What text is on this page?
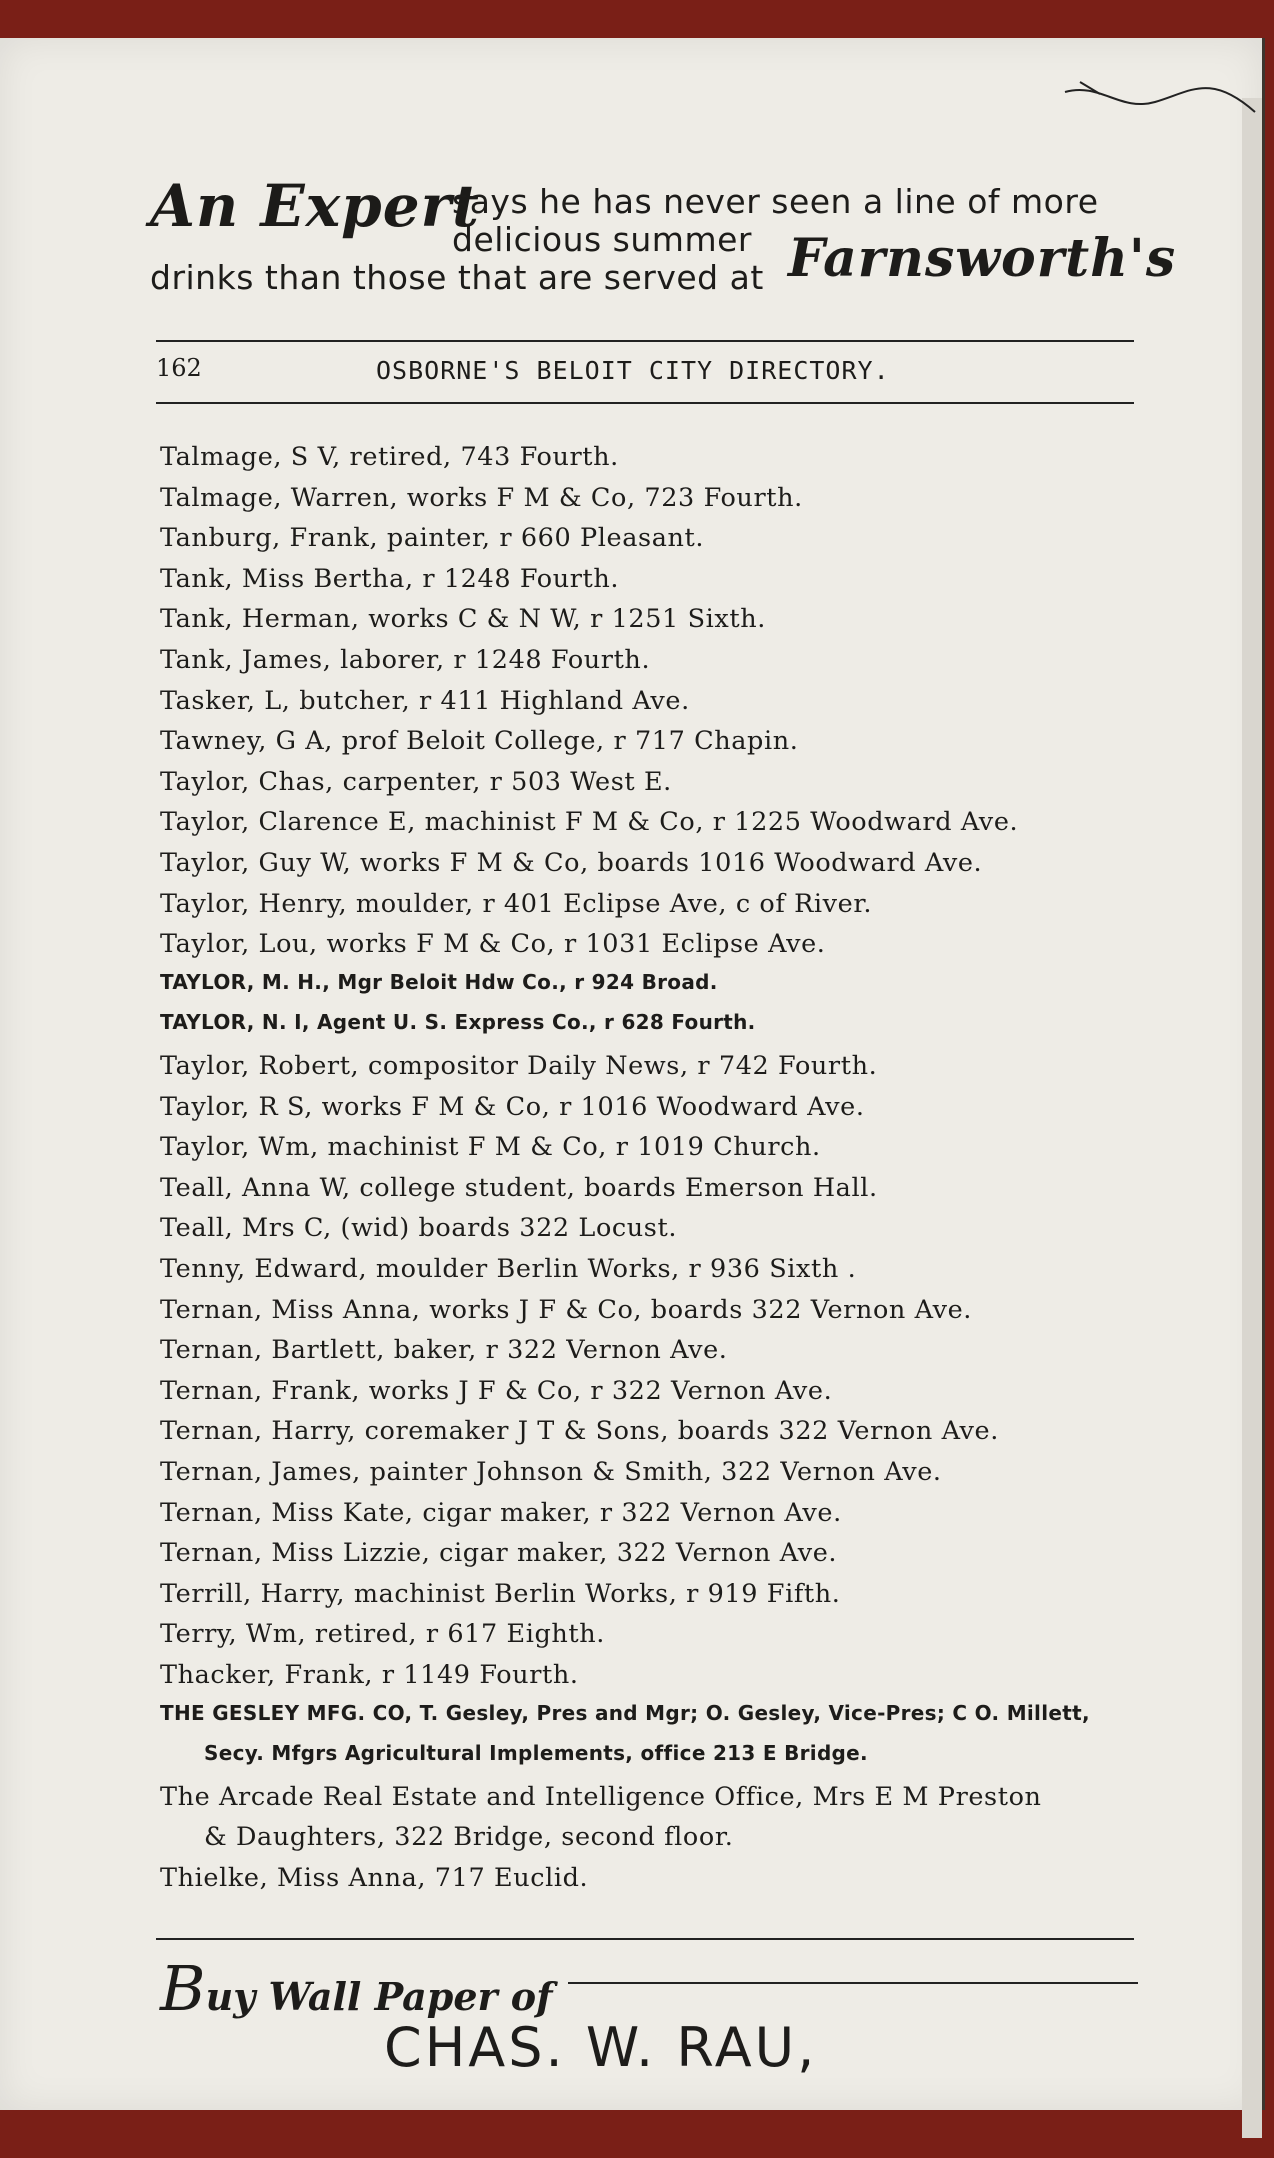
An Expert
says he has never seen a line of more
delicious summer
drinks than those that are served at Farnsworth's
162	OSBORNE'S BELOIT CITY DIRECTORY.
Talmage, S V, retired, 743 Fourth.
Talmage, Warren, works F M & Co, 723 Fourth.
Tanburg, Frank, painter, r 660 Pleasant.
Tank, Miss Bertha, r 1248 Fourth.
Tank, Herman, works C & N W, r 1251 Sixth.
Tank, James, laborer, r 1248 Fourth.
Tasker, L, butcher, r 411 Highland Ave.
Tawney, G A, prof Beloit College, r 717 Chapin.
Taylor, Chas, carpenter, r 503 West E.
Taylor, Clarence E, machinist F M & Co, r 1225 Woodward Ave.
Taylor, Guy W, works F M & Co, boards 1016 Woodward Ave.
Taylor, Henry, moulder, r 401 Eclipse Ave, c of River.
Taylor, Lou, works F M & Co, r 1031 Eclipse Ave.
TAYLOR, M. H., Mgr Beloit Hdw Co., r 924 Broad.
TAYLOR, N. I, Agent U. S. Express Co., r 628 Fourth.
Taylor, Robert, compositor Daily News, r 742 Fourth.
Taylor, R S, works F M & Co, r 1016 Woodward Ave.
Taylor, Wm, machinist F M & Co, r 1019 Church.
Teall, Anna W, college student, boards Emerson Hall.
Teall, Mrs C, (wid) boards 322 Locust.
Tenny, Edward, moulder Berlin Works, r 936 Sixth .
Ternan, Miss Anna, works J F & Co, boards 322 Vernon Ave.
Ternan, Bartlett, baker, r 322 Vernon Ave.
Ternan, Frank, works J F & Co, r 322 Vernon Ave.
Ternan, Harry, coremaker J T & Sons, boards 322 Vernon Ave.
Ternan, James, painter Johnson & Smith, 322 Vernon Ave.
Ternan, Miss Kate, cigar maker, r 322 Vernon Ave.
Ternan, Miss Lizzie, cigar maker, 322 Vernon Ave.
Terrill, Harry, machinist Berlin Works, r 919 Fifth.
Terry, Wm, retired, r 617 Eighth.
Thacker, Frank, r 1149 Fourth.
THE GESLEY MFG. CO, T. Gesley, Pres and Mgr; O. Gesley, Vice-Pres; C O. Millett,
Secy. Mfgrs Agricultural Implements, office 213 E Bridge.
The Arcade Real Estate and Intelligence Office, Mrs E M Preston
& Daughters, 322 Bridge, second floor.
Thielke, Miss Anna, 717 Euclid.
Buy Wall Paper of
CHAS. W. RAU,
